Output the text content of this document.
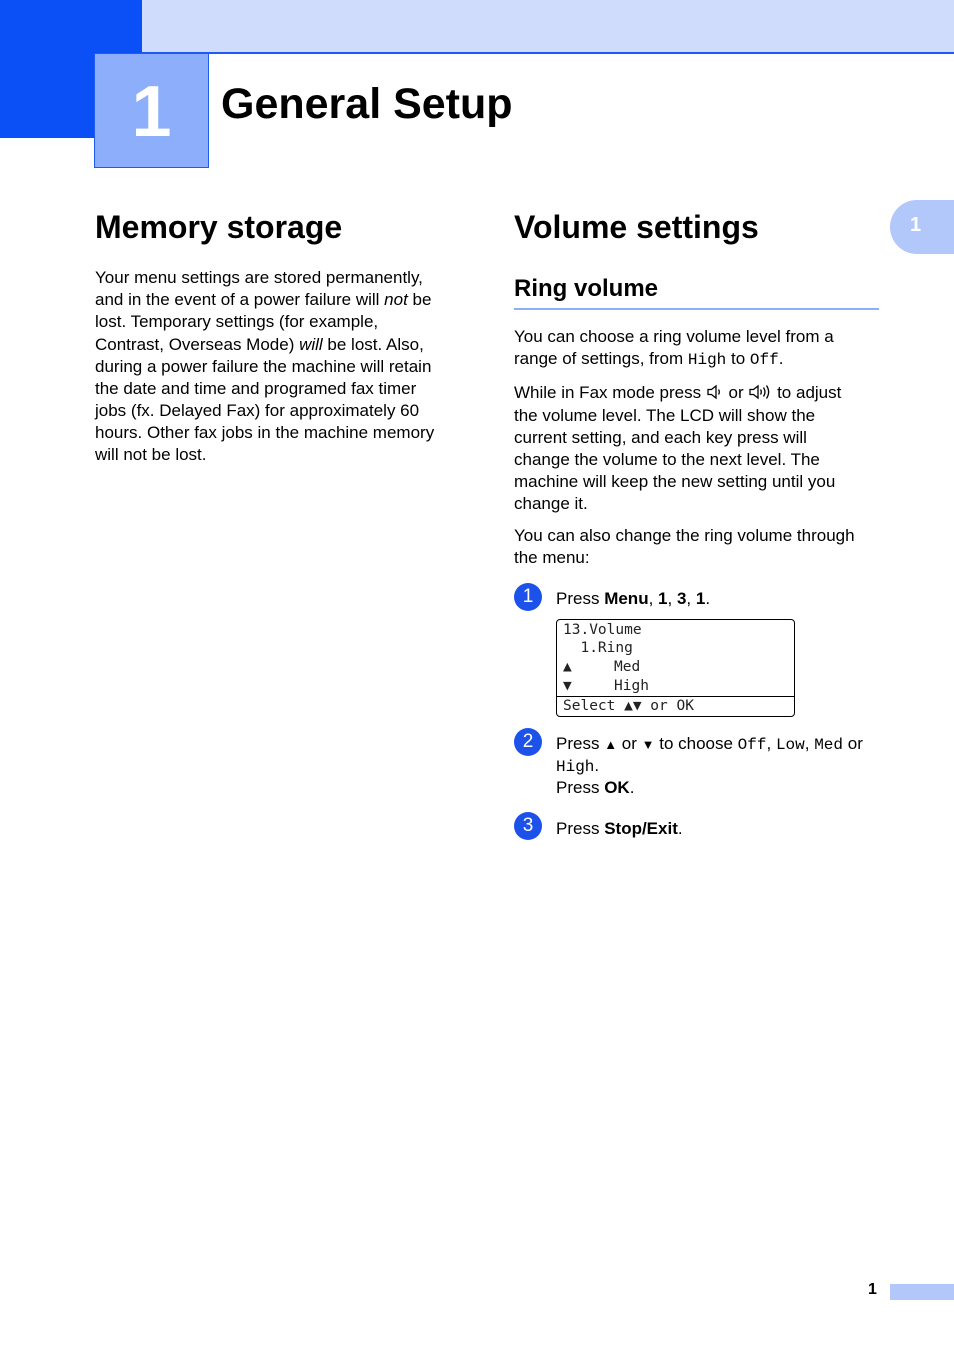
1	General Setup
1
Memory storage

Your menu settings are stored permanently,

and in the event of a power failure will not be

lost. Temporary settings (for example,

Contrast, Overseas Mode) will be lost. Also,

during a power failure the machine will retain

the date and time and programed fax timer

jobs (fx. Delayed Fax) for approximately 60

hours. Other fax jobs in the machine memory

will not be lost.

Volume settings
Ring volume

You can choose a ring volume level from a

range of settings, from High to Off.

While in Fax mode press  or  to adjust

the volume level. The LCD will show the

current setting, and each key press will

change the volume to the next level. The

machine will keep the new setting until you

change it.

You can also change the ring volume through

the menu:

1	Press Menu, 1, 3, 1.

13.Volume
1.Ring
▲	Med
▼	High
Select ▲▼ or OK
2	Press ▲ or ▼ to choose Off, Low, Med or

High.

Press OK.

3	Press Stop/Exit.

1
